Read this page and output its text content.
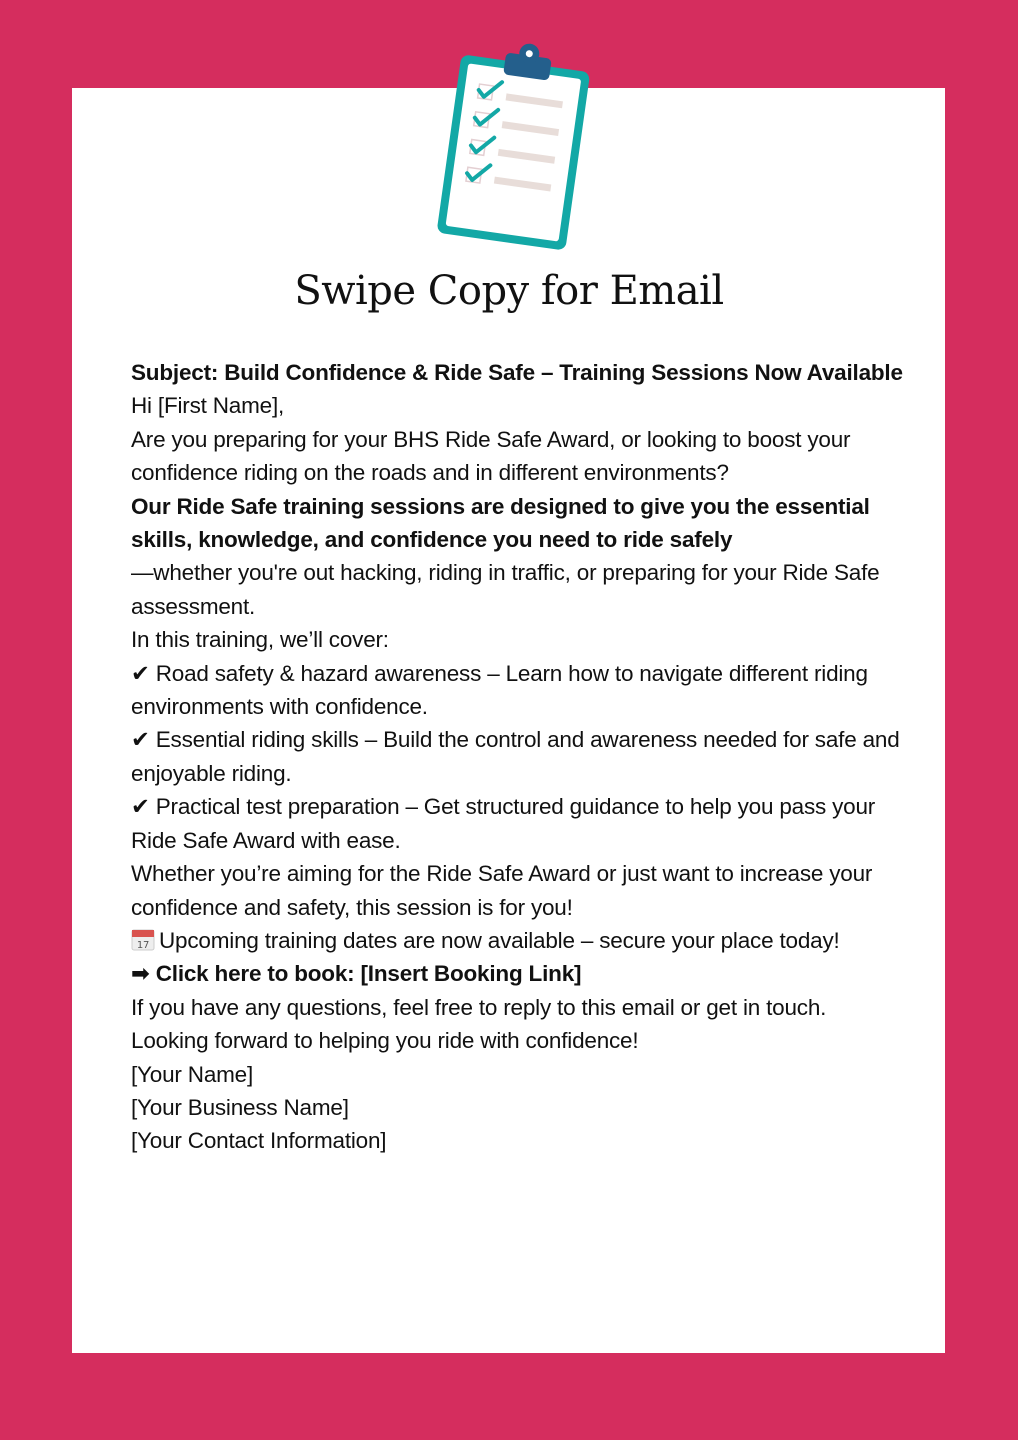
Swipe Copy for Email

Subject: Build Confidence & Ride Safe – Training Sessions Now Available

Hi [First Name],

Are you preparing for your BHS Ride Safe Award, or looking to boost your confidence riding on the roads and in different environments?

Our Ride Safe training sessions are designed to give you the essential skills, knowledge, and confidence you need to ride safely
—whether you're out hacking, riding in traffic, or preparing for your Ride Safe assessment.

In this training, we’ll cover:

✔ Road safety & hazard awareness – Learn how to navigate different riding environments with confidence.

✔ Essential riding skills – Build the control and awareness needed for safe and enjoyable riding.

✔ Practical test preparation – Get structured guidance to help you pass your Ride Safe Award with ease.

Whether you’re aiming for the Ride Safe Award or just want to increase your confidence and safety, this session is for you!

17 Upcoming training dates are now available – secure your place today!

➡ Click here to book: [Insert Booking Link]

If you have any questions, feel free to reply to this email or get in touch.

Looking forward to helping you ride with confidence!

[Your Name]

[Your Business Name]

[Your Contact Information]
